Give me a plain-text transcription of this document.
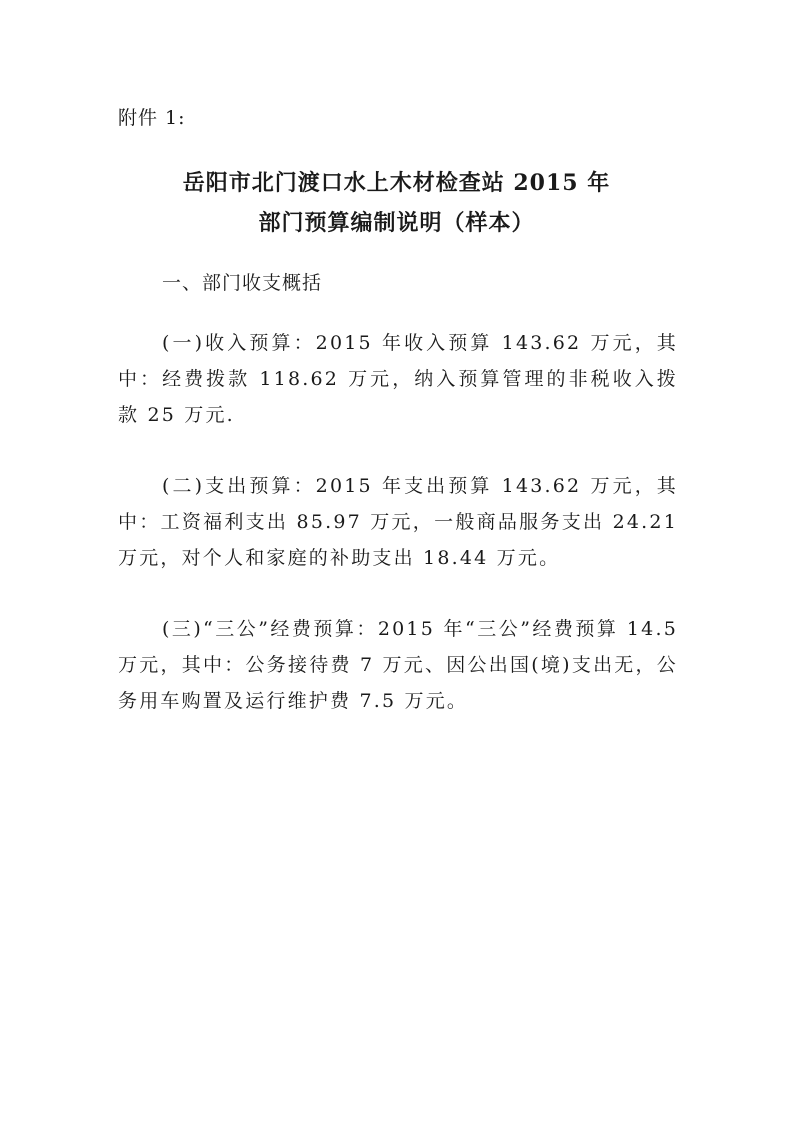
附件 1:
岳阳市北门渡口水上木材检查站 2015 年
部门预算编制说明（样本）
一、部门收支概括
(一)收入预算：2015 年收入预算 143.62 万元，其中：经费拨款 118.62 万元，纳入预算管理的非税收入拨款 25 万元.
(二)支出预算：2015 年支出预算 143.62 万元，其中：工资福利支出 85.97 万元，一般商品服务支出 24.21 万元，对个人和家庭的补助支出 18.44 万元。
(三)“三公”经费预算：2015 年“三公”经费预算 14.5 万元，其中：公务接待费 7 万元、因公出国(境)支出无，公务用车购置及运行维护费 7.5 万元。
